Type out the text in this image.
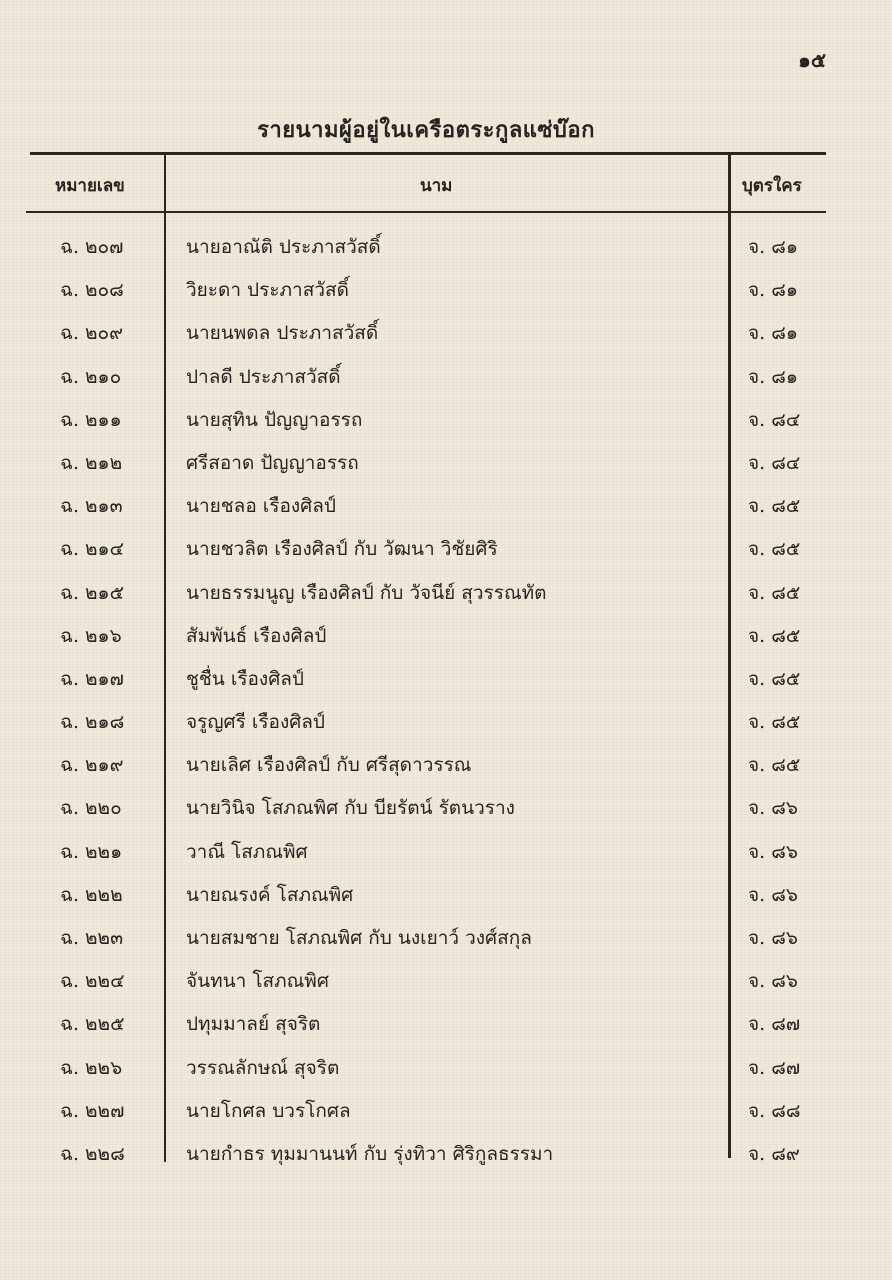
๑๕
รายนามผู้อยู่ในเครือตระกูลแซ่บ๊อก
หมายเลข	นาม	บุตรใคร
ฉ. ๒๐๗	นายอาณัติ ประภาสวัสดิ์	จ. ๘๑
ฉ. ๒๐๘	วิยะดา ประภาสวัสดิ์	จ. ๘๑
ฉ. ๒๐๙	นายนพดล ประภาสวัสดิ์	จ. ๘๑
ฉ. ๒๑๐	ปาลดี ประภาสวัสดิ์	จ. ๘๑
ฉ. ๒๑๑	นายสุทิน ปัญญาอรรถ	จ. ๘๔
ฉ. ๒๑๒	ศรีสอาด ปัญญาอรรถ	จ. ๘๔
ฉ. ๒๑๓	นายชลอ เรืองศิลป์	จ. ๘๕
ฉ. ๒๑๔	นายชวลิต เรืองศิลป์ กับ วัฒนา วิชัยศิริ	จ. ๘๕
ฉ. ๒๑๕	นายธรรมนูญ เรืองศิลป์ กับ วัจนีย์ สุวรรณทัต	จ. ๘๕
ฉ. ๒๑๖	สัมพันธ์ เรืองศิลป์	จ. ๘๕
ฉ. ๒๑๗	ชูชื่น เรืองศิลป์	จ. ๘๕
ฉ. ๒๑๘	จรูญศรี เรืองศิลป์	จ. ๘๕
ฉ. ๒๑๙	นายเลิศ เรืองศิลป์ กับ ศรีสุดาวรรณ	จ. ๘๕
ฉ. ๒๒๐	นายวินิจ โสภณพิศ กับ บียรัตน์ รัตนวราง	จ. ๘๖
ฉ. ๒๒๑	วาณี โสภณพิศ	จ. ๘๖
ฉ. ๒๒๒	นายณรงค์ โสภณพิศ	จ. ๘๖
ฉ. ๒๒๓	นายสมชาย โสภณพิศ กับ นงเยาว์ วงศ์สกุล	จ. ๘๖
ฉ. ๒๒๔	จันทนา โสภณพิศ	จ. ๘๖
ฉ. ๒๒๕	ปทุมมาลย์ สุจริต	จ. ๘๗
ฉ. ๒๒๖	วรรณลักษณ์ สุจริต	จ. ๘๗
ฉ. ๒๒๗	นายโกศล บวรโกศล	จ. ๘๘
ฉ. ๒๒๘	นายกำธร ทุมมานนท์ กับ รุ่งทิวา ศิริกูลธรรมา	จ. ๘๙
